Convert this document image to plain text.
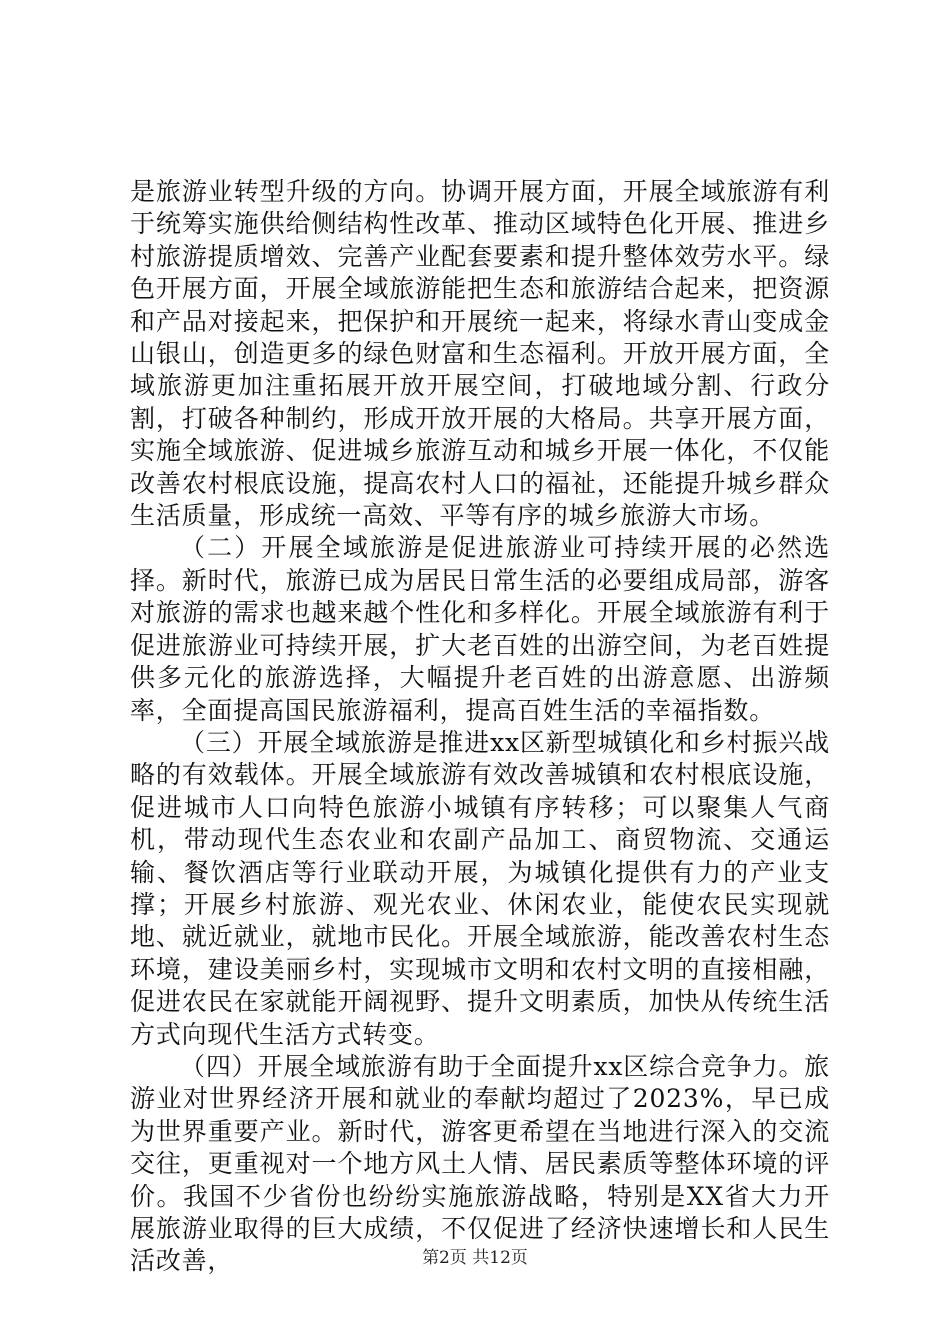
是旅游业转型升级的方向。协调开展方面，开展全域旅游有利于统筹实施供给侧结构性改革、推动区域特色化开展、推进乡村旅游提质增效、完善产业配套要素和提升整体效劳水平。绿色开展方面，开展全域旅游能把生态和旅游结合起来，把资源和产品对接起来，把保护和开展统一起来，将绿水青山变成金山银山，创造更多的绿色财富和生态福利。开放开展方面，全域旅游更加注重拓展开放开展空间，打破地域分割、行政分割，打破各种制约，形成开放开展的大格局。共享开展方面，实施全域旅游、促进城乡旅游互动和城乡开展一体化，不仅能改善农村根底设施，提高农村人口的福祉，还能提升城乡群众生活质量，形成统一高效、平等有序的城乡旅游大市场。

（二）开展全域旅游是促进旅游业可持续开展的必然选择。新时代，旅游已成为居民日常生活的必要组成局部，游客对旅游的需求也越来越个性化和多样化。开展全域旅游有利于促进旅游业可持续开展，扩大老百姓的出游空间，为老百姓提供多元化的旅游选择，大幅提升老百姓的出游意愿、出游频率，全面提高国民旅游福利，提高百姓生活的幸福指数。

（三）开展全域旅游是推进xx区新型城镇化和乡村振兴战略的有效载体。开展全域旅游有效改善城镇和农村根底设施，促进城市人口向特色旅游小城镇有序转移；可以聚集人气商机，带动现代生态农业和农副产品加工、商贸物流、交通运输、餐饮酒店等行业联动开展，为城镇化提供有力的产业支撑；开展乡村旅游、观光农业、休闲农业，能使农民实现就地、就近就业，就地市民化。开展全域旅游，能改善农村生态环境，建设美丽乡村，实现城市文明和农村文明的直接相融，促进农民在家就能开阔视野、提升文明素质，加快从传统生活方式向现代生活方式转变。

（四）开展全域旅游有助于全面提升xx区综合竞争力。旅游业对世界经济开展和就业的奉献均超过了2023%，早已成为世界重要产业。新时代，游客更希望在当地进行深入的交流交往，更重视对一个地方风土人情、居民素质等整体环境的评价。我国不少省份也纷纷实施旅游战略，特别是XX省大力开展旅游业取得的巨大成绩，不仅促进了经济快速增长和人民生活改善，	第2页 共12页
